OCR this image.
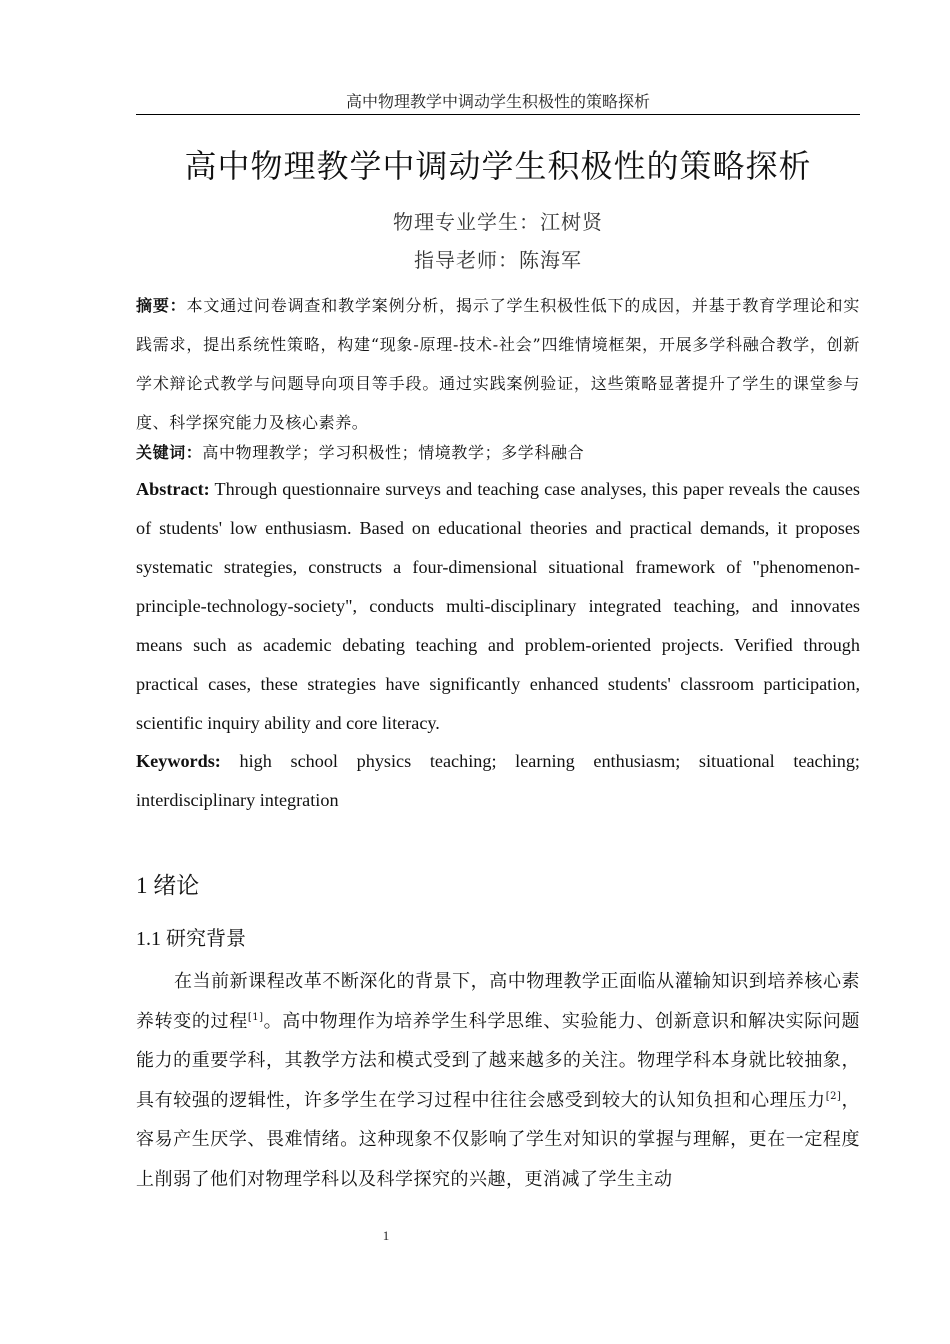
高中物理教学中调动学生积极性的策略探析
高中物理教学中调动学生积极性的策略探析
物理专业学生：江树贤
指导老师：陈海军
摘要：本文通过问卷调查和教学案例分析，揭示了学生积极性低下的成因，并基于教育学理论和实践需求，提出系统性策略，构建“现象-原理-技术-社会”四维情境框架，开展多学科融合教学，创新学术辩论式教学与问题导向项目等手段。通过实践案例验证，这些策略显著提升了学生的课堂参与度、科学探究能力及核心素养。
关键词：高中物理教学；学习积极性；情境教学；多学科融合
Abstract: Through questionnaire surveys and teaching case analyses, this paper reveals the causes of students' low enthusiasm. Based on educational theories and practical demands, it proposes systematic strategies, constructs a four-dimensional situational framework of "phenomenon-principle-technology-society", conducts multi-disciplinary integrated teaching, and innovates means such as academic debating teaching and problem-oriented projects. Verified through practical cases, these strategies have significantly enhanced students' classroom participation, scientific inquiry ability and core literacy.
Keywords: high school physics teaching; learning enthusiasm; situational teaching; interdisciplinary integration
1 绪论
1.1 研究背景
在当前新课程改革不断深化的背景下，高中物理教学正面临从灌输知识到培养核心素养转变的过程[1]。高中物理作为培养学生科学思维、实验能力、创新意识和解决实际问题能力的重要学科，其教学方法和模式受到了越来越多的关注。物理学科本身就比较抽象，具有较强的逻辑性，许多学生在学习过程中往往会感受到较大的认知负担和心理压力[2]，容易产生厌学、畏难情绪。这种现象不仅影响了学生对知识的掌握与理解，更在一定程度上削弱了他们对物理学科以及科学探究的兴趣，更消减了学生主动
1
